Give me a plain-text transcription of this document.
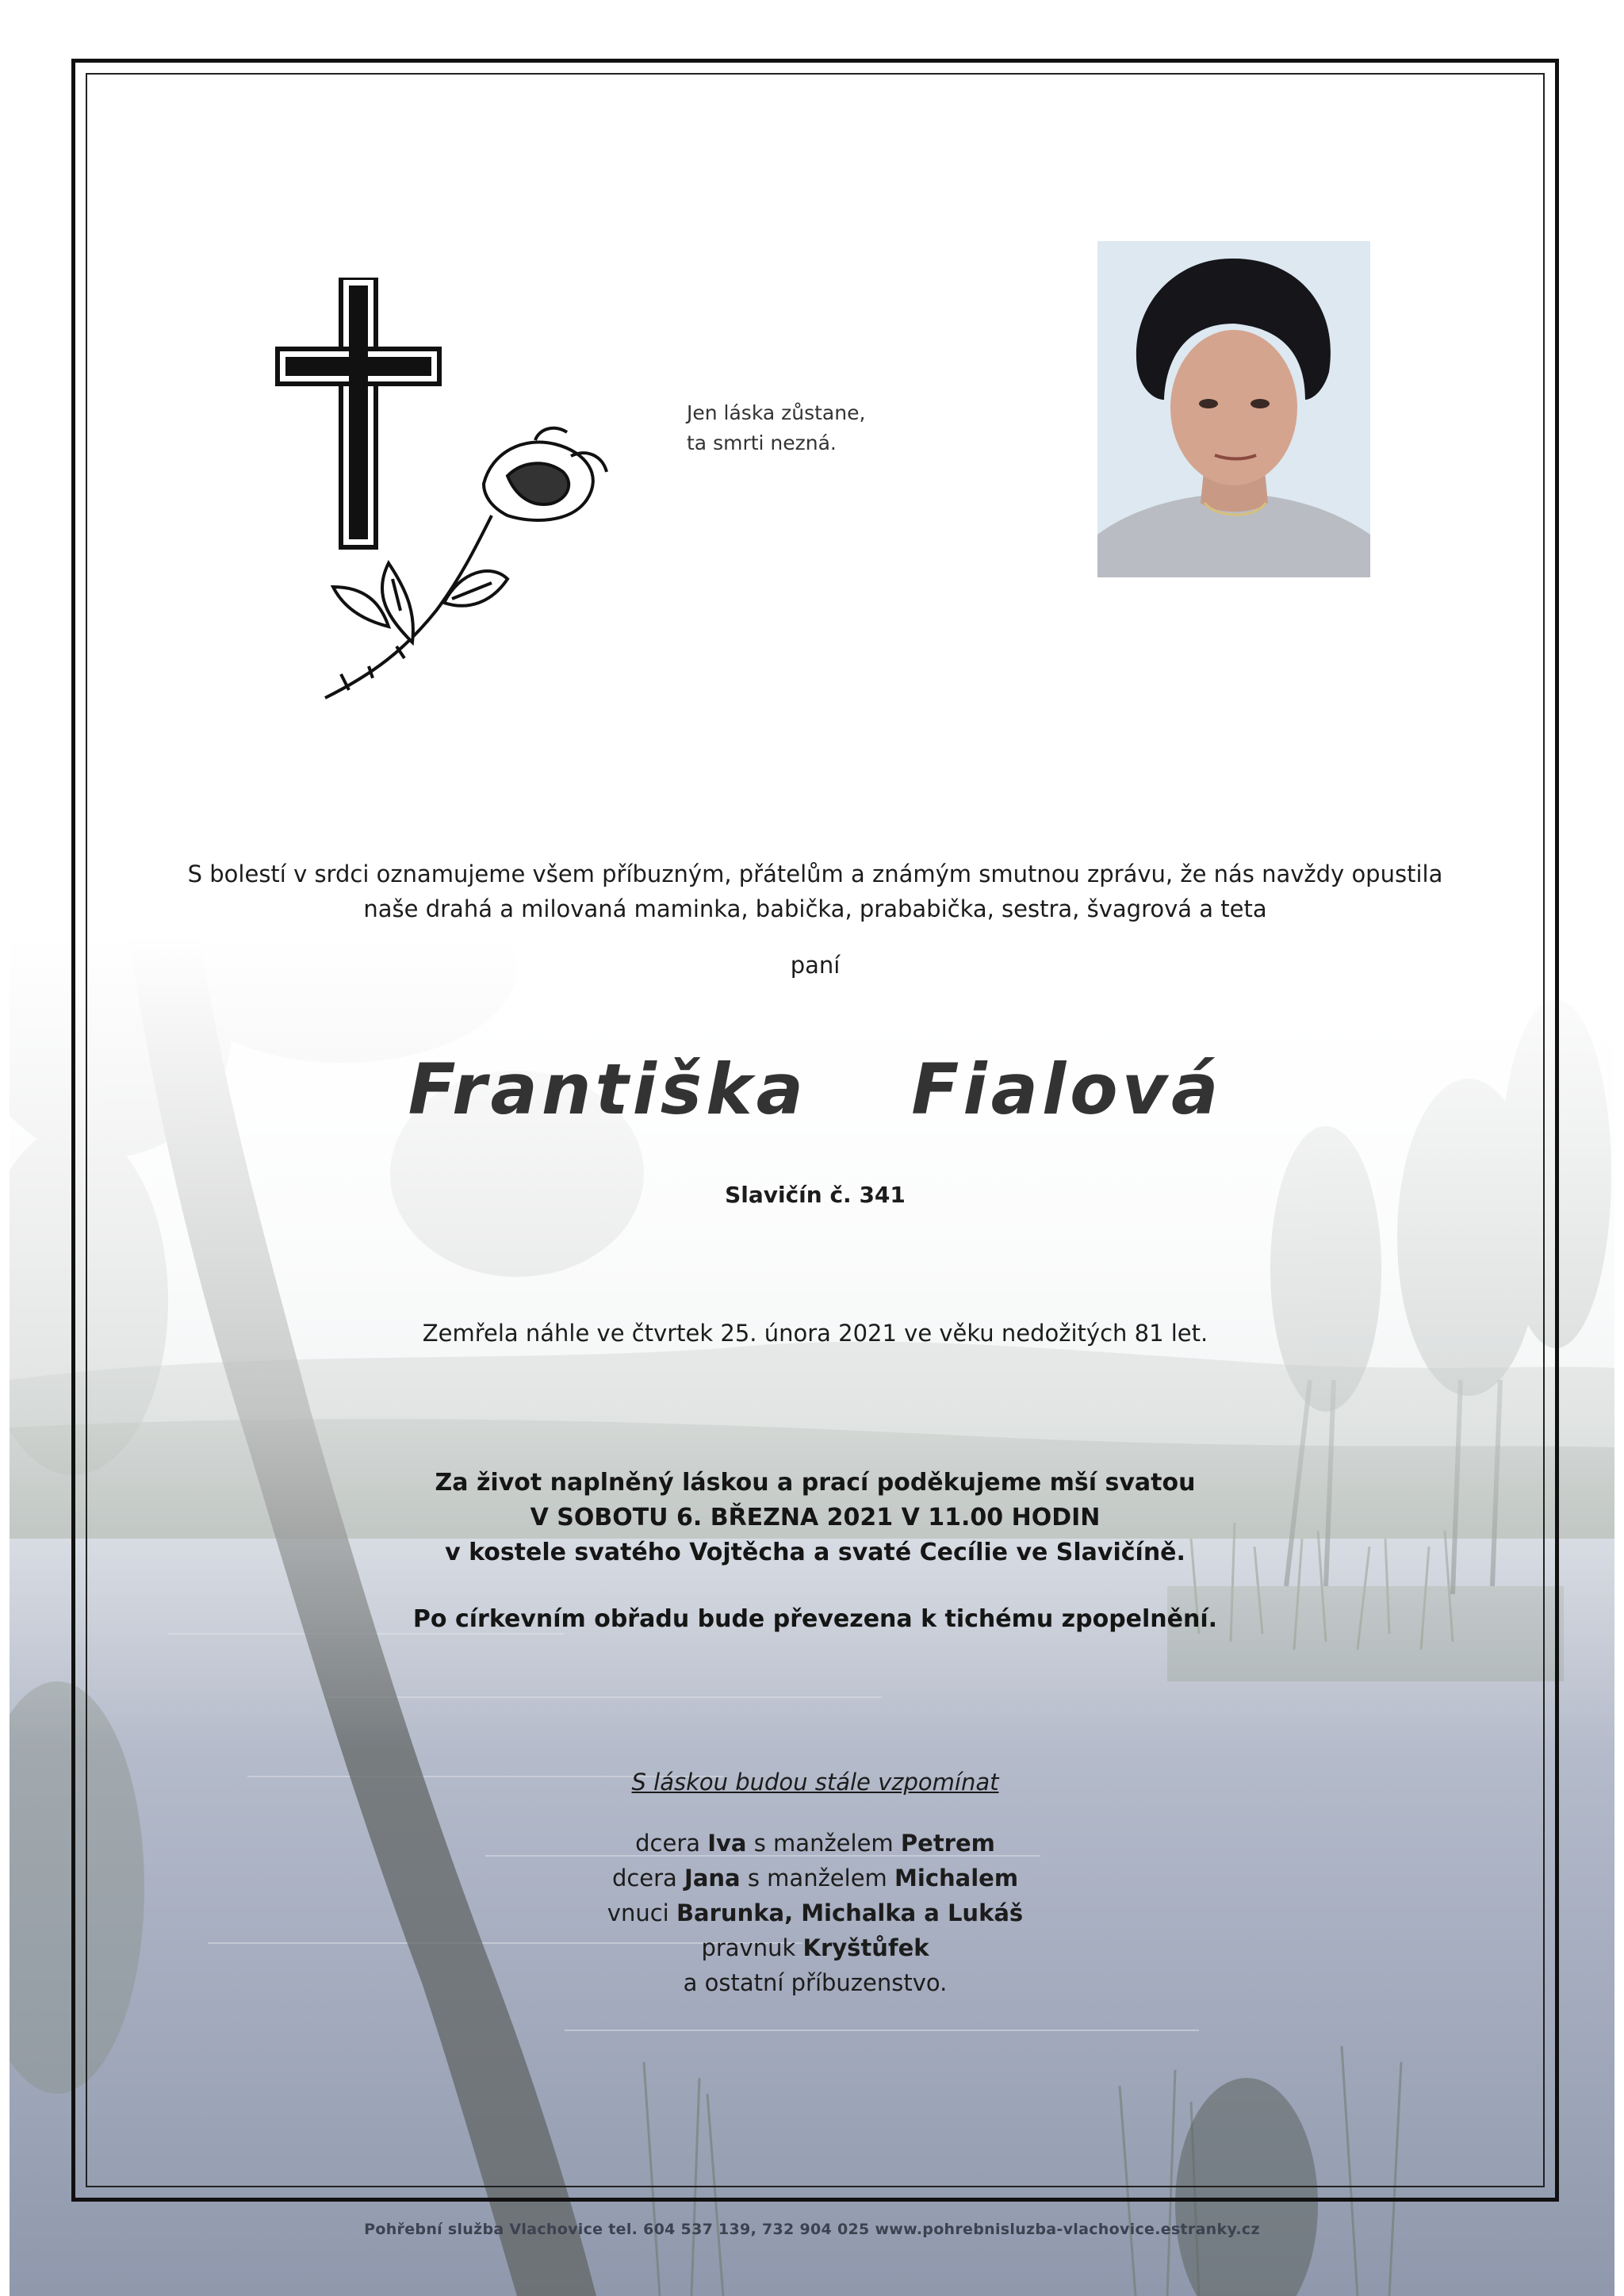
Jen láska zůstane,
ta smrti nezná.
S bolestí v srdci oznamujeme všem příbuzným, přátelům a známým smutnou zprávu, že nás navždy opustila
naše drahá a milovaná maminka, babička, prababička, sestra, švagrová a teta
paní
Františka  Fialová
Slavičín č. 341
Zemřela náhle ve čtvrtek 25. února 2021 ve věku nedožitých 81 let.
Za život naplněný láskou a prací poděkujeme mší svatou
V SOBOTU 6. BŘEZNA 2021 V 11.00 HODIN
v kostele svatého Vojtěcha a svaté Cecílie ve Slavičíně.
Po církevním obřadu bude převezena k tichému zpopelnění.
S láskou budou stále vzpomínat
dcera Iva s manželem Petrem
dcera Jana s manželem Michalem
vnuci Barunka, Michalka a Lukáš
pravnuk Kryštůfek
a ostatní příbuzenstvo.
Pohřební služba Vlachovice tel. 604 537 139, 732 904 025 www.pohrebnisluzba-vlachovice.estranky.cz
